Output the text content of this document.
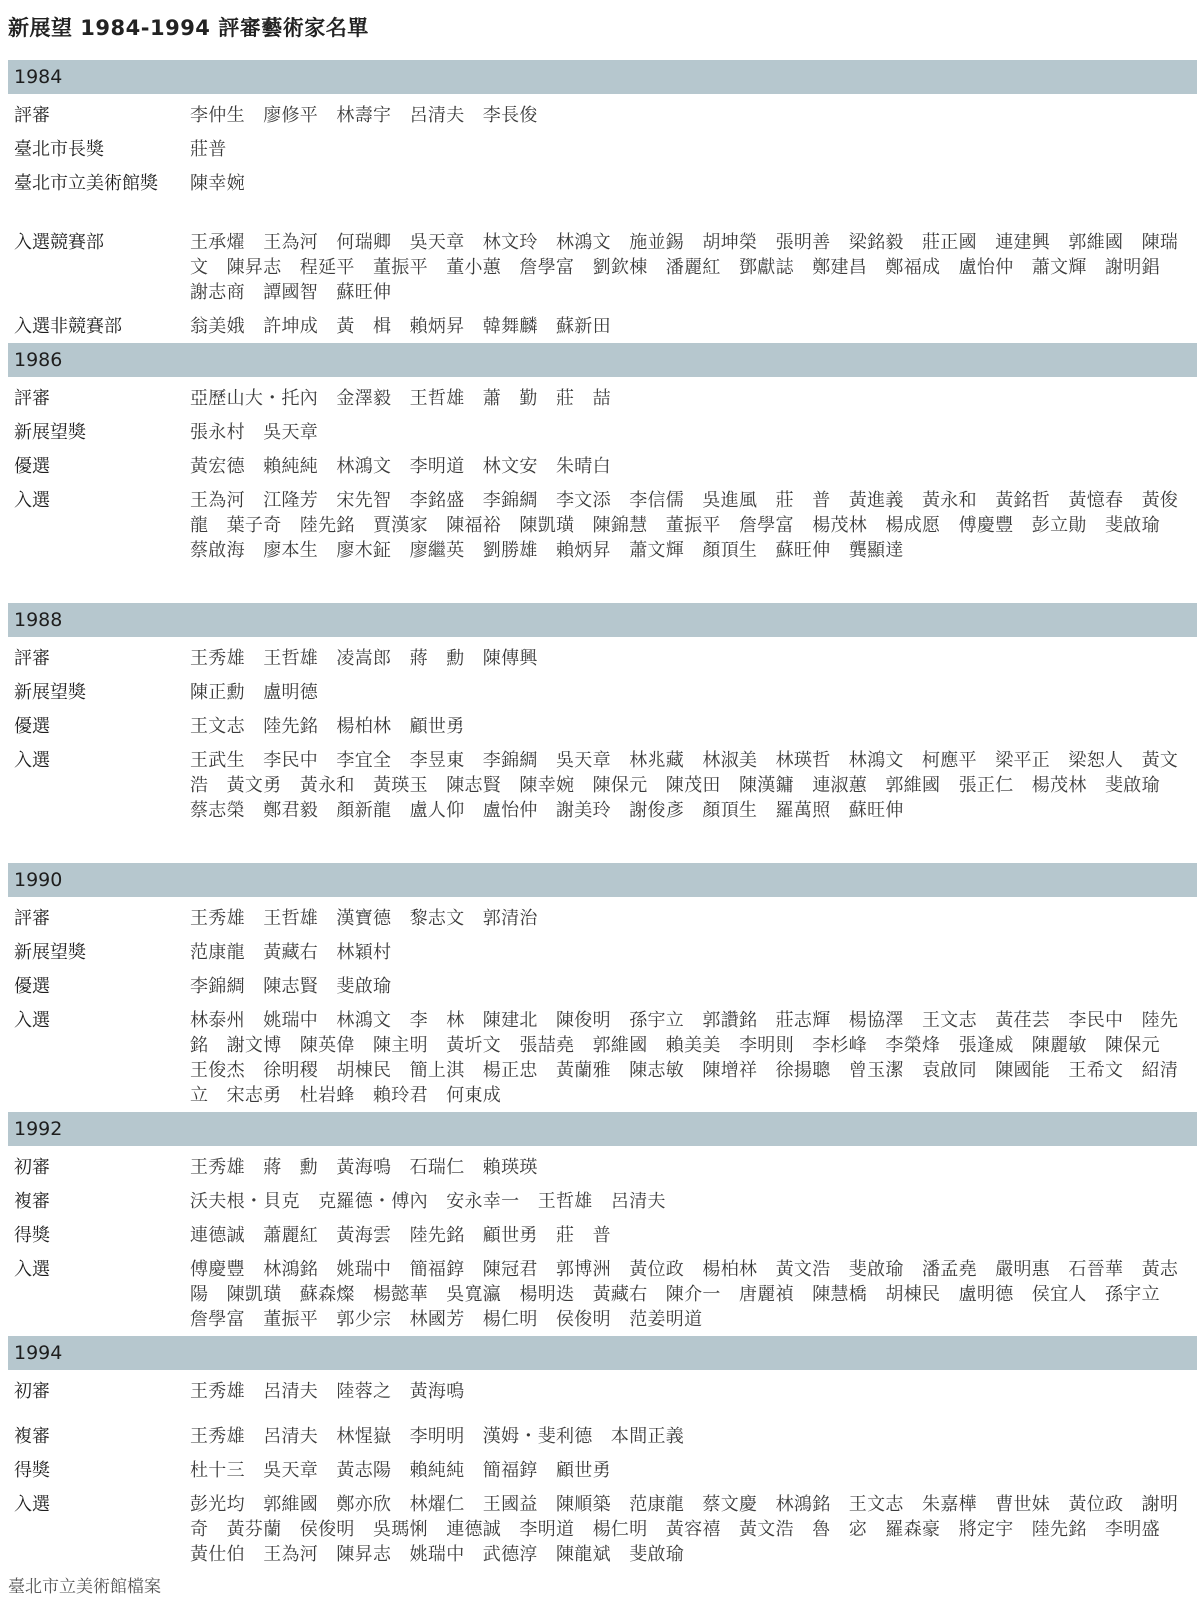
新展望 1984-1994 評審藝術家名單
1984
評審	李仲生　廖修平　林壽宇　呂清夫　李長俊
臺北市長獎	莊普
臺北市立美術館獎	陳幸婉
入選競賽部	王承燿　王為河　何瑞卿　吳天章　林文玲　林鴻文　施並錫　胡坤榮　張明善　梁銘毅　莊正國　連建興　郭維國　陳瑞文　陳昇志　程延平　董振平　董小蕙　詹學富　劉欽棟　潘麗紅　鄧獻誌　鄭建昌　鄭福成　盧怡仲　蕭文輝　謝明錩　謝志商　譚國智　蘇旺伸
入選非競賽部	翁美娥　許坤成　黃　楫　賴炳昇　韓舞麟　蘇新田
1986
評審	亞歷山大・托內　金澤毅　王哲雄　蕭　勤　莊　喆
新展望獎	張永村　吳天章
優選	黃宏德　賴純純　林鴻文　李明道　林文安　朱晴白
入選	王為河　江隆芳　宋先智　李銘盛　李錦綢　李文添　李信儒　吳進風　莊　普　黃進義　黃永和　黃銘哲　黃憶春　黃俊龍　葉子奇　陸先銘　賈漢家　陳福裕　陳凱璜　陳錦慧　董振平　詹學富　楊茂林　楊成愿　傅慶豐　彭立勛　斐啟瑜　蔡啟海　廖本生　廖木鉦　廖繼英　劉勝雄　賴炳昇　蕭文輝　顏頂生　蘇旺伸　龔顯達
1988
評審	王秀雄　王哲雄　凌嵩郎　蔣　勳　陳傳興
新展望獎	陳正勳　盧明德
優選	王文志　陸先銘　楊柏林　顧世勇
入選	王武生　李民中　李宜全　李昱東　李錦綢　吳天章　林兆藏　林淑美　林瑛哲　林鴻文　柯應平　梁平正　梁恕人　黃文浩　黃文勇　黃永和　黃瑛玉　陳志賢　陳幸婉　陳保元　陳茂田　陳漢鏞　連淑蕙　郭維國　張正仁　楊茂林　斐啟瑜　蔡志榮　鄭君毅　顏新龍　盧人仰　盧怡仲　謝美玲　謝俊彥　顏頂生　羅萬照　蘇旺伸
1990
評審	王秀雄　王哲雄　漢寶德　黎志文　郭清治
新展望獎	范康龍　黃藏右　林穎村
優選	李錦綢　陳志賢　斐啟瑜
入選	林泰州　姚瑞中　林鴻文　李　林　陳建北　陳俊明　孫宇立　郭讚銘　莊志輝　楊協澤　王文志　黃荏芸　李民中　陸先銘　謝文博　陳英偉　陳主明　黃圻文　張喆堯　郭維國　賴美美　李明則　李杉峰　李榮烽　張逢威　陳麗敏　陳保元　王俊杰　徐明稷　胡棟民　簡上淇　楊正忠　黃蘭雅　陳志敏　陳增祥　徐揚聰　曾玉潔　袁啟同　陳國能　王希文　紹清立　宋志勇　杜岩蜂　賴玲君　何東成
1992
初審	王秀雄　蔣　勳　黃海鳴　石瑞仁　賴瑛瑛
複審	沃夫根・貝克　克羅德・傅內　安永幸一　王哲雄　呂清夫
得獎	連德誠　蕭麗紅　黃海雲　陸先銘　顧世勇　莊　普
入選	傅慶豐　林鴻銘　姚瑞中　簡福錞　陳冠君　郭博洲　黃位政　楊柏林　黃文浩　斐啟瑜　潘孟堯　嚴明惠　石晉華　黃志陽　陳凱璜　蘇森燦　楊懿華　吳寬瀛　楊明迭　黃藏右　陳介一　唐麗禎　陳慧橋　胡棟民　盧明德　侯宜人　孫宇立　詹學富　董振平　郭少宗　林國芳　楊仁明　侯俊明　范姜明道
1994
初審	王秀雄　呂清夫　陸蓉之　黃海鳴
複審	王秀雄　呂清夫　林惺嶽　李明明　漢姆・斐利德　本間正義
得獎	杜十三　吳天章　黃志陽　賴純純　簡福錞　顧世勇
入選	彭光均　郭維國　鄭亦欣　林燿仁　王國益　陳順築　范康龍　蔡文慶　林鴻銘　王文志　朱嘉樺　曹世妹　黃位政　謝明奇　黃芬蘭　侯俊明　吳瑪悧　連德誠　李明道　楊仁明　黃容禧　黃文浩　魯　宓　羅森豪　將定宇　陸先銘　李明盛　黃仕伯　王為河　陳昇志　姚瑞中　武德淳　陳龍斌　斐啟瑜
臺北市立美術館檔案
